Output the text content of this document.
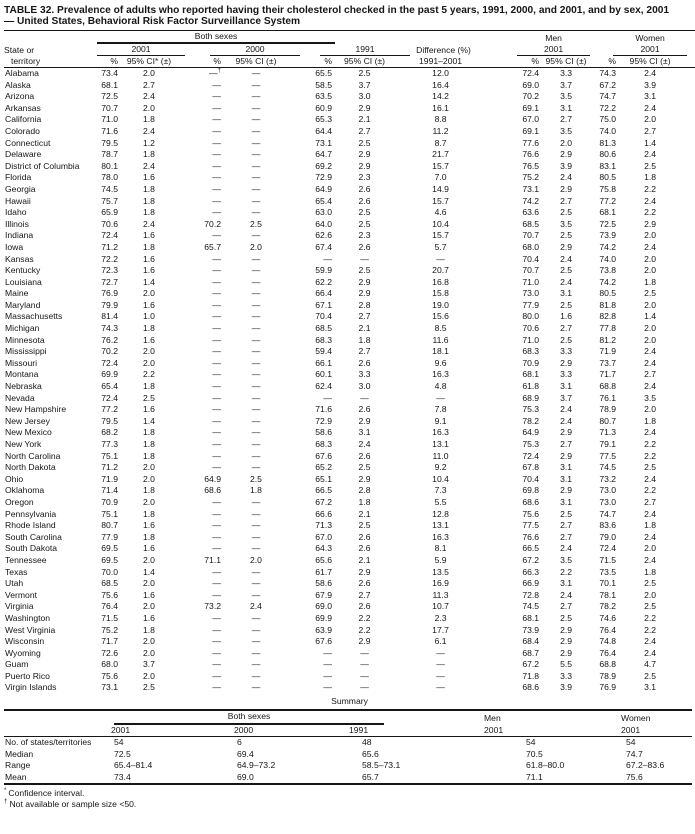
TABLE 32. Prevalence of adults who reported having their cholesterol checked in the past 5 years, 1991, 2000, and 2001, and by sex, 2001 — United States, Behavioral Risk Factor Surveillance System

	Both sexes							Men		Women	

State or	2001		2000		1991		Difference (%)	2001		2001	

territory	%	95% CI* (±)	%	95% CI (±)	%	95% CI (±)	1991–2001	%	95% CI (±)	%	95% CI (±)
Alabama	73.4	2.0	—†	—	65.5	2.5	12.0	72.4	3.3	74.3	2.4
Alaska	68.1	2.7	—	—	58.5	3.7	16.4	69.0	3.7	67.2	3.9
Arizona	72.5	2.4	—	—	63.5	3.0	14.2	70.2	3.5	74.7	3.1
Arkansas	70.7	2.0	—	—	60.9	2.9	16.1	69.1	3.1	72.2	2.4
California	71.0	1.8	—	—	65.3	2.1	8.8	67.0	2.7	75.0	2.0
Colorado	71.6	2.4	—	—	64.4	2.7	11.2	69.1	3.5	74.0	2.7
Connecticut	79.5	1.2	—	—	73.1	2.5	8.7	77.6	2.0	81.3	1.4
Delaware	78.7	1.8	—	—	64.7	2.9	21.7	76.6	2.9	80.6	2.4
District of Columbia	80.1	2.4	—	—	69.2	2.9	15.7	76.5	3.9	83.1	2.5
Florida	78.0	1.6	—	—	72.9	2.3	7.0	75.2	2.4	80.5	1.8
Georgia	74.5	1.8	—	—	64.9	2.6	14.9	73.1	2.9	75.8	2.2
Hawaii	75.7	1.8	—	—	65.4	2.6	15.7	74.2	2.7	77.2	2.4
Idaho	65.9	1.8	—	—	63.0	2.5	4.6	63.6	2.5	68.1	2.2
Illinois	70.6	2.4	70.2	2.5	64.0	2.5	10.4	68.5	3.5	72.5	2.9
Indiana	72.4	1.6	—	—	62.6	2.3	15.7	70.7	2.5	73.9	2.0
Iowa	71.2	1.8	65.7	2.0	67.4	2.6	5.7	68.0	2.9	74.2	2.4
Kansas	72.2	1.6	—	—	—	—	—	70.4	2.4	74.0	2.0
Kentucky	72.3	1.6	—	—	59.9	2.5	20.7	70.7	2.5	73.8	2.0
Louisiana	72.7	1.4	—	—	62.2	2.9	16.8	71.0	2.4	74.2	1.8
Maine	76.9	2.0	—	—	66.4	2.9	15.8	73.0	3.1	80.5	2.5
Maryland	79.9	1.6	—	—	67.1	2.8	19.0	77.9	2.5	81.8	2.0
Massachusetts	81.4	1.0	—	—	70.4	2.7	15.6	80.0	1.6	82.8	1.4
Michigan	74.3	1.8	—	—	68.5	2.1	8.5	70.6	2.7	77.8	2.0
Minnesota	76.2	1.6	—	—	68.3	1.8	11.6	71.0	2.5	81.2	2.0
Mississippi	70.2	2.0	—	—	59.4	2.7	18.1	68.3	3.3	71.9	2.4
Missouri	72.4	2.0	—	—	66.1	2.6	9.6	70.9	2.9	73.7	2.4
Montana	69.9	2.2	—	—	60.1	3.3	16.3	68.1	3.3	71.7	2.7
Nebraska	65.4	1.8	—	—	62.4	3.0	4.8	61.8	3.1	68.8	2.4
Nevada	72.4	2.5	—	—	—	—	—	68.9	3.7	76.1	3.5
New Hampshire	77.2	1.6	—	—	71.6	2.6	7.8	75.3	2.4	78.9	2.0
New Jersey	79.5	1.4	—	—	72.9	2.9	9.1	78.2	2.4	80.7	1.8
New Mexico	68.2	1.8	—	—	58.6	3.1	16.3	64.9	2.9	71.3	2.4
New York	77.3	1.8	—	—	68.3	2.4	13.1	75.3	2.7	79.1	2.2
North Carolina	75.1	1.8	—	—	67.6	2.6	11.0	72.4	2.9	77.5	2.2
North Dakota	71.2	2.0	—	—	65.2	2.5	9.2	67.8	3.1	74.5	2.5
Ohio	71.9	2.0	64.9	2.5	65.1	2.9	10.4	70.4	3.1	73.2	2.4
Oklahoma	71.4	1.8	68.6	1.8	66.5	2.8	7.3	69.8	2.9	73.0	2.2
Oregon	70.9	2.0	—	—	67.2	1.8	5.5	68.6	3.1	73.0	2.7
Pennsylvania	75.1	1.8	—	—	66.6	2.1	12.8	75.6	2.5	74.7	2.4
Rhode Island	80.7	1.6	—	—	71.3	2.5	13.1	77.5	2.7	83.6	1.8
South Carolina	77.9	1.8	—	—	67.0	2.6	16.3	76.6	2.7	79.0	2.4
South Dakota	69.5	1.6	—	—	64.3	2.6	8.1	66.5	2.4	72.4	2.0
Tennessee	69.5	2.0	71.1	2.0	65.6	2.1	5.9	67.2	3.5	71.5	2.4
Texas	70.0	1.4	—	—	61.7	2.9	13.5	66.3	2.2	73.5	1.8
Utah	68.5	2.0	—	—	58.6	2.6	16.9	66.9	3.1	70.1	2.5
Vermont	75.6	1.6	—	—	67.9	2.7	11.3	72.8	2.4	78.1	2.0
Virginia	76.4	2.0	73.2	2.4	69.0	2.6	10.7	74.5	2.7	78.2	2.5
Washington	71.5	1.6	—	—	69.9	2.2	2.3	68.1	2.5	74.6	2.2
West Virginia	75.2	1.8	—	—	63.9	2.2	17.7	73.9	2.9	76.4	2.2
Wisconsin	71.7	2.0	—	—	67.6	2.9	6.1	68.4	2.9	74.8	2.4
Wyoming	72.6	2.0	—	—	—	—	—	68.7	2.9	76.4	2.4
Guam	68.0	3.7	—	—	—	—	—	67.2	5.5	68.8	4.7
Puerto Rico	75.6	2.0	—	—	—	—	—	71.8	3.3	78.9	2.5
Virgin Islands	73.1	2.5	—	—	—	—	—	68.6	3.9	76.9	3.1
Summary

	Both sexes			Men	Women
	2001	2000	1991	2001	2001
No. of states/territories	54	6	48	54	54
Median	72.5	69.4	65.6	70.5	74.7
Range	65.4–81.4	64.9–73.2	58.5–73.1	61.8–80.0	67.2–83.6
Mean	73.4	69.0	65.7	71.1	75.6
* Confidence interval.
† Not available or sample size <50.
